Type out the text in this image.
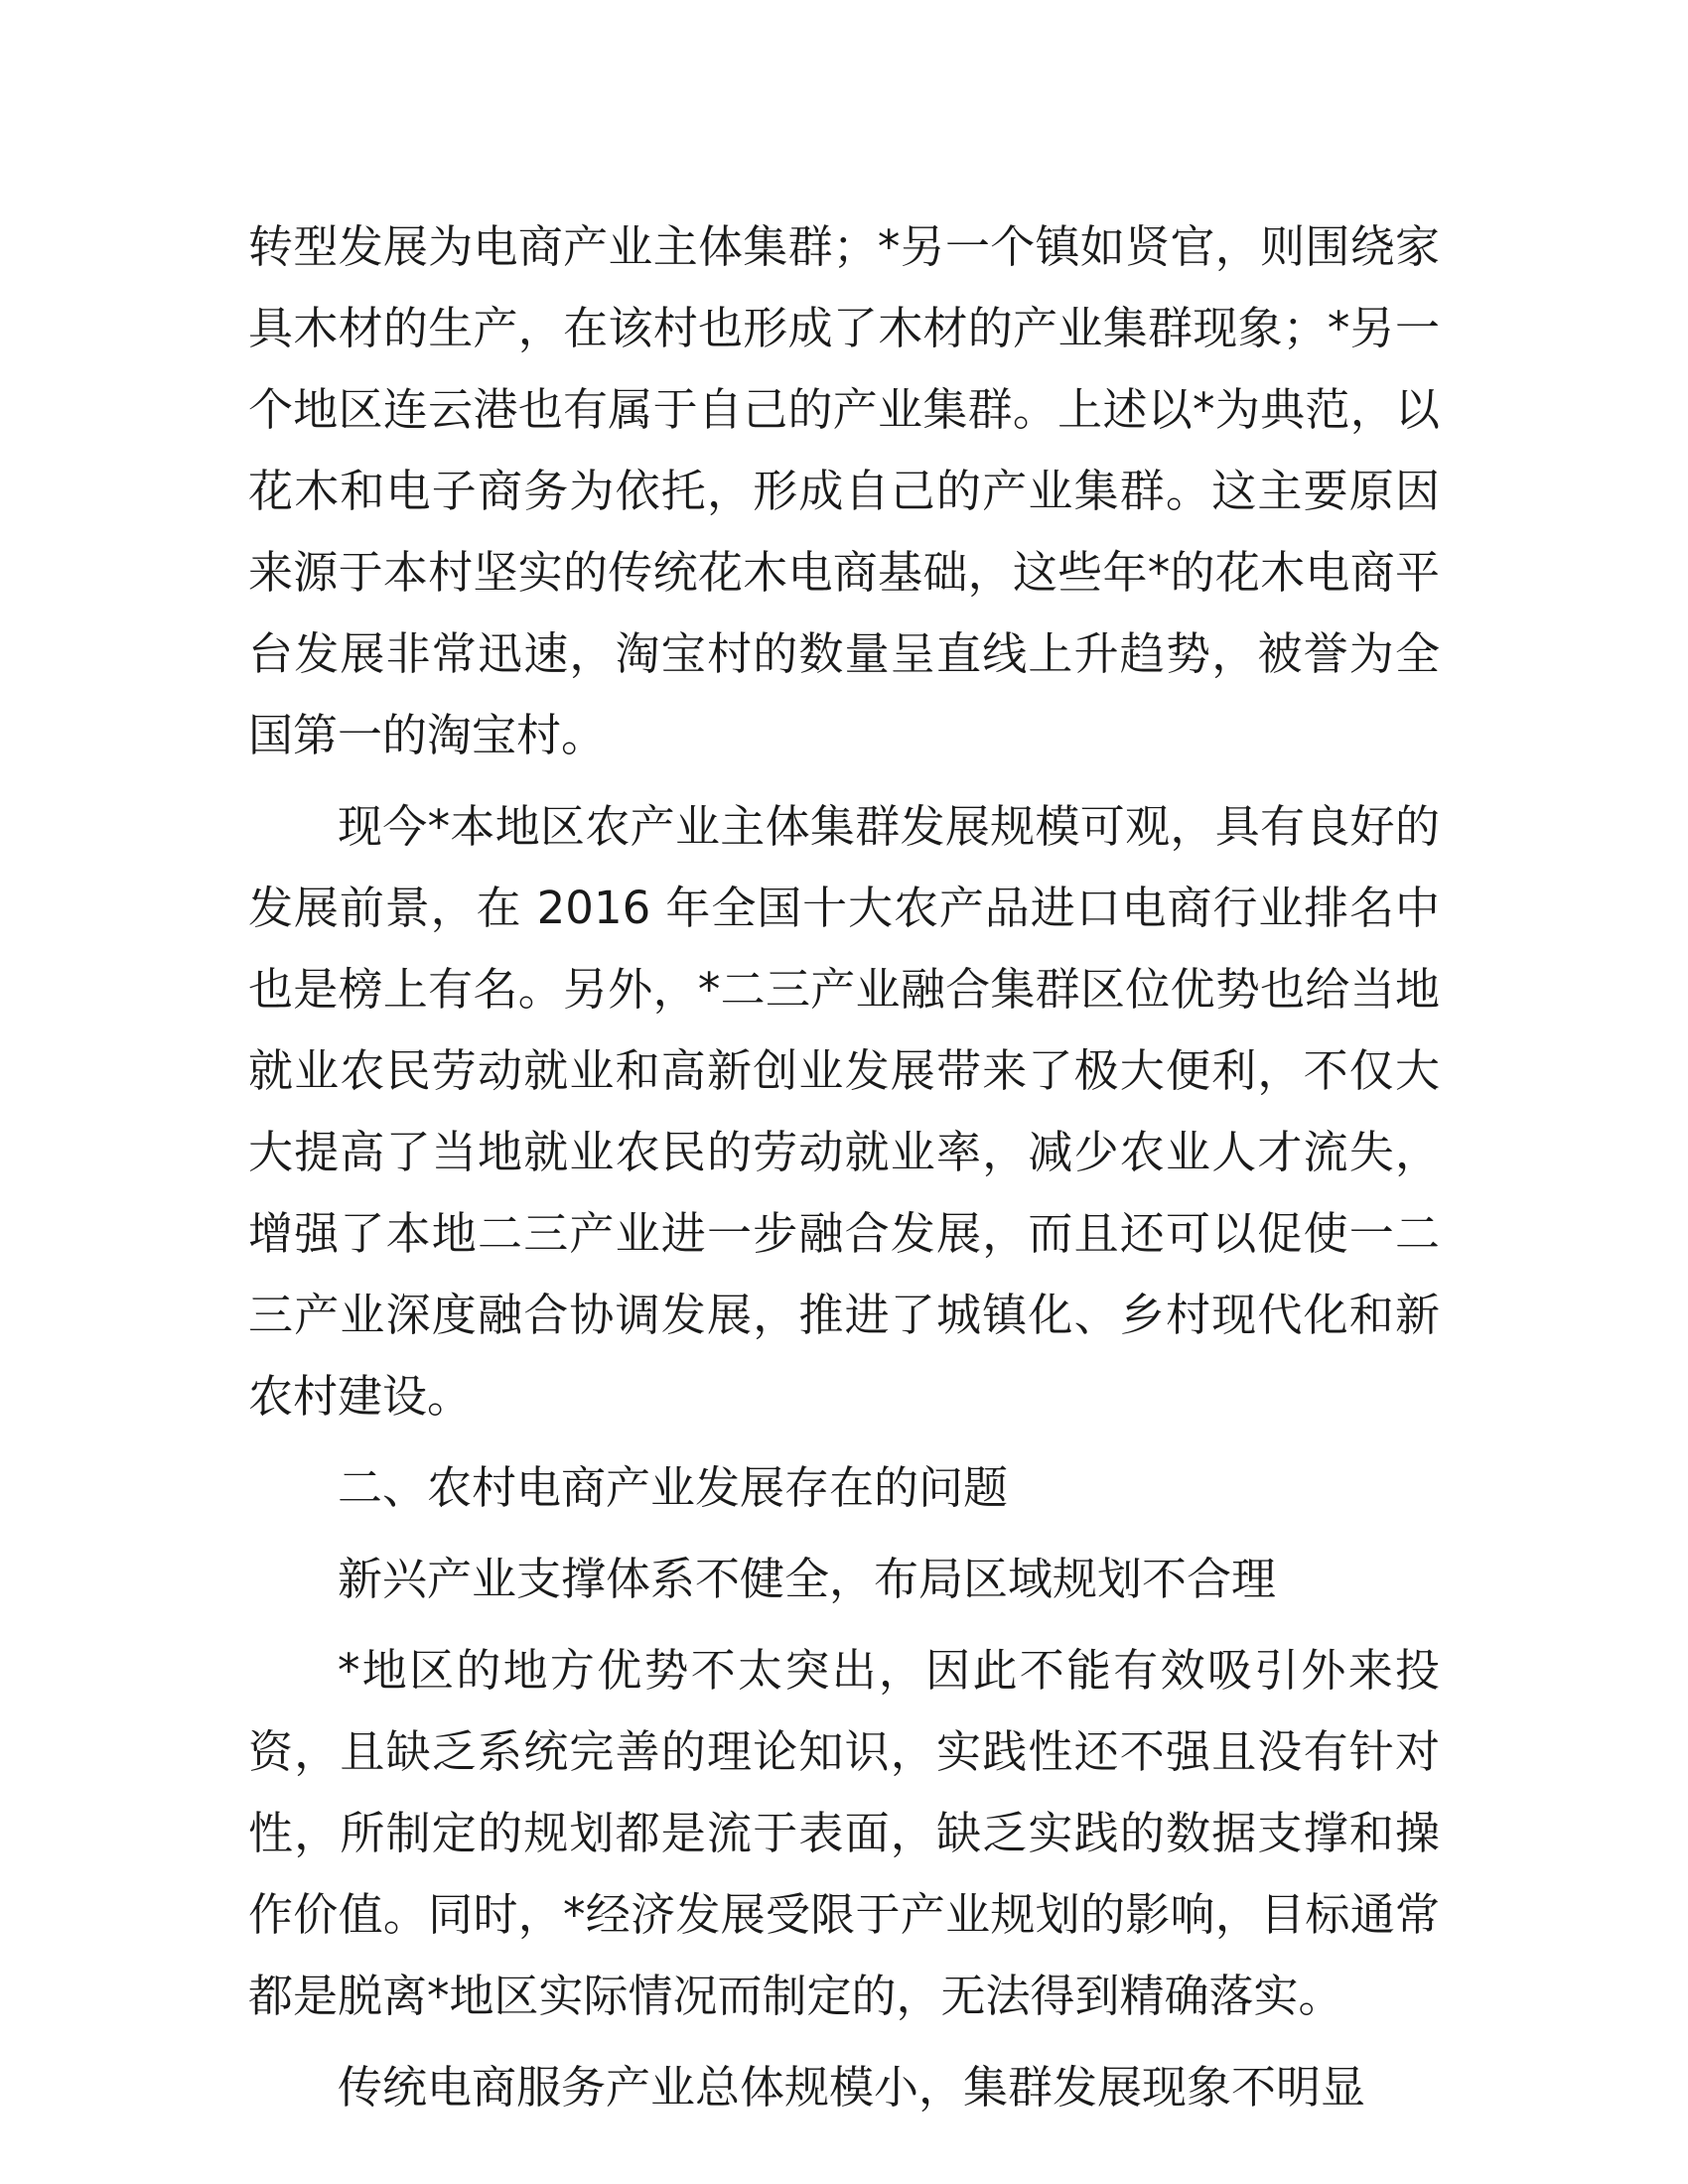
转型发展为电商产业主体集群；*另一个镇如贤官，则围绕家具木材的生产，在该村也形成了木材的产业集群现象；*另一个地区连云港也有属于自己的产业集群。上述以*为典范，以花木和电子商务为依托，形成自己的产业集群。这主要原因来源于本村坚实的传统花木电商基础，这些年*的花木电商平台发展非常迅速，淘宝村的数量呈直线上升趋势，被誉为全国第一的淘宝村。

现今*本地区农产业主体集群发展规模可观，具有良好的发展前景，在 2016 年全国十大农产品进口电商行业排名中也是榜上有名。另外，*二三产业融合集群区位优势也给当地就业农民劳动就业和高新创业发展带来了极大便利，不仅大大提高了当地就业农民的劳动就业率，减少农业人才流失，增强了本地二三产业进一步融合发展，而且还可以促使一二三产业深度融合协调发展，推进了城镇化、乡村现代化和新农村建设。

二、农村电商产业发展存在的问题

新兴产业支撑体系不健全，布局区域规划不合理

*地区的地方优势不太突出，因此不能有效吸引外来投资，且缺乏系统完善的理论知识，实践性还不强且没有针对性，所制定的规划都是流于表面，缺乏实践的数据支撑和操作价值。同时，*经济发展受限于产业规划的影响，目标通常都是脱离*地区实际情况而制定的，无法得到精确落实。

传统电商服务产业总体规模小，集群发展现象不明显
